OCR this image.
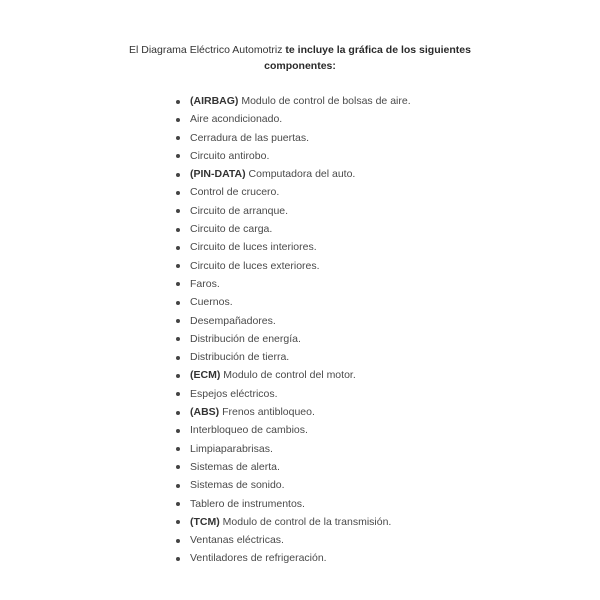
El Diagrama Eléctrico Automotriz te incluye la gráfica de los siguientes
componentes:
(AIRBAG) Modulo de control de bolsas de aire.
Aire acondicionado.
Cerradura de las puertas.
Circuito antirobo.
(PIN-DATA) Computadora del auto.
Control de crucero.
Circuito de arranque.
Circuito de carga.
Circuito de luces interiores.
Circuito de luces exteriores.
Faros.
Cuernos.
Desempañadores.
Distribución de energía.
Distribución de tierra.
(ECM) Modulo de control del motor.
Espejos eléctricos.
(ABS) Frenos antibloqueo.
Interbloqueo de cambios.
Limpiaparabrisas.
Sistemas de alerta.
Sistemas de sonido.
Tablero de instrumentos.
(TCM) Modulo de control de la transmisión.
Ventanas eléctricas.
Ventiladores de refrigeración.
